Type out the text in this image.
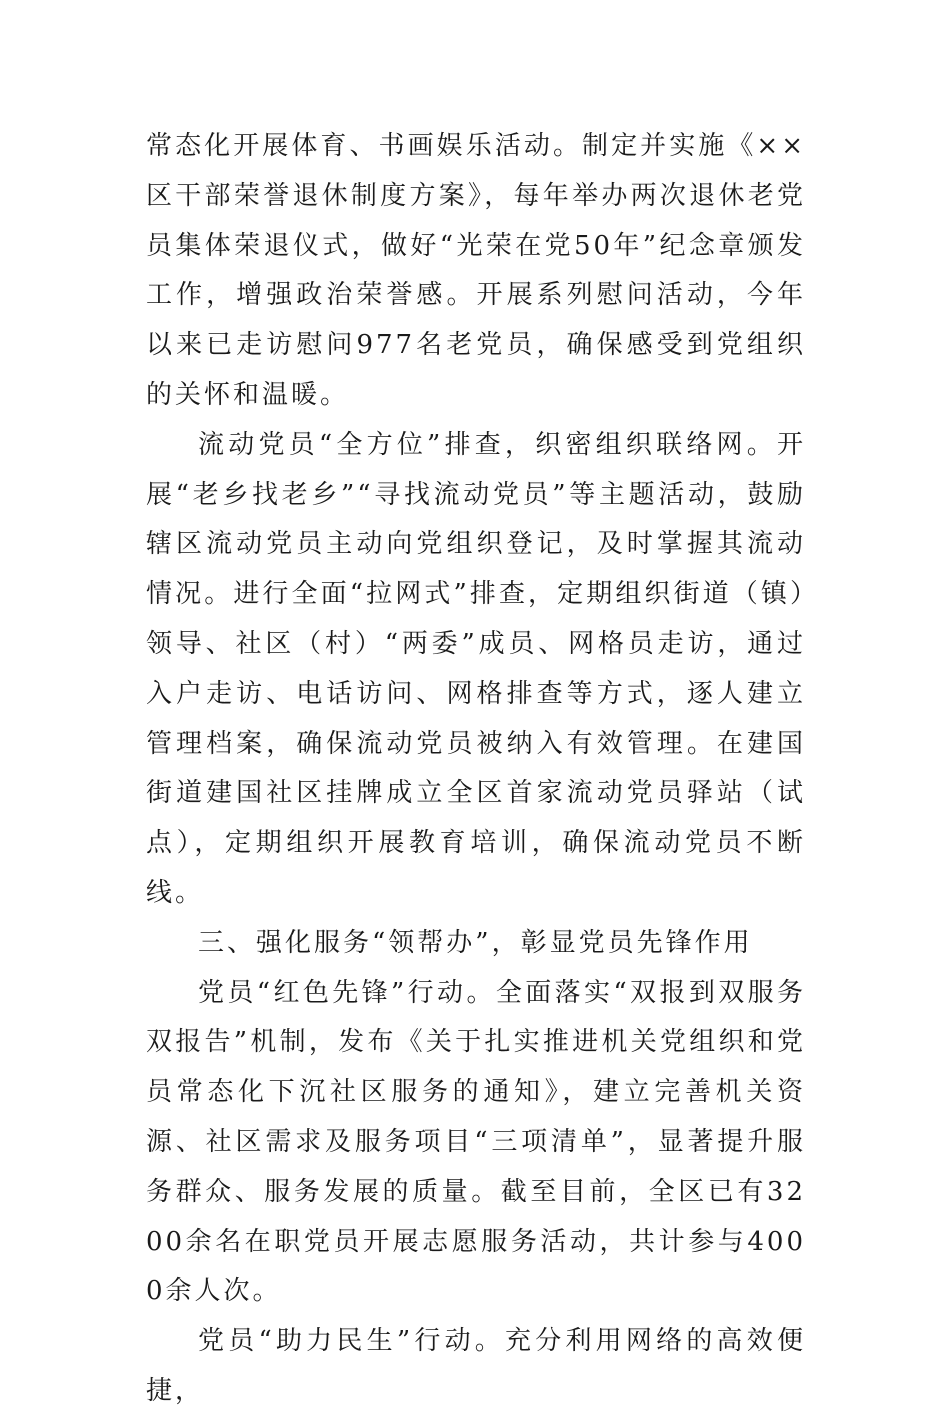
常态化开展体育、书画娱乐活动。制定并实施《××区干部荣誉退休制度方案》，每年举办两次退休老党员集体荣退仪式，做好“光荣在党50年”纪念章颁发工作，增强政治荣誉感。开展系列慰问活动，今年以来已走访慰问977名老党员，确保感受到党组织的关怀和温暖。

流动党员“全方位”排查，织密组织联络网。开展“老乡找老乡”“寻找流动党员”等主题活动，鼓励辖区流动党员主动向党组织登记，及时掌握其流动情况。进行全面“拉网式”排查，定期组织街道（镇）领导、社区（村）“两委”成员、网格员走访，通过入户走访、电话访问、网格排查等方式，逐人建立管理档案，确保流动党员被纳入有效管理。在建国街道建国社区挂牌成立全区首家流动党员驿站（试点），定期组织开展教育培训，确保流动党员不断线。

三、强化服务“领帮办”，彰显党员先锋作用

党员“红色先锋”行动。全面落实“双报到双服务双报告”机制，发布《关于扎实推进机关党组织和党员常态化下沉社区服务的通知》，建立完善机关资源、社区需求及服务项目“三项清单”，显著提升服务群众、服务发展的质量。截至目前，全区已有3200余名在职党员开展志愿服务活动，共计参与4000余人次。

党员“助力民生”行动。充分利用网络的高效便捷，
